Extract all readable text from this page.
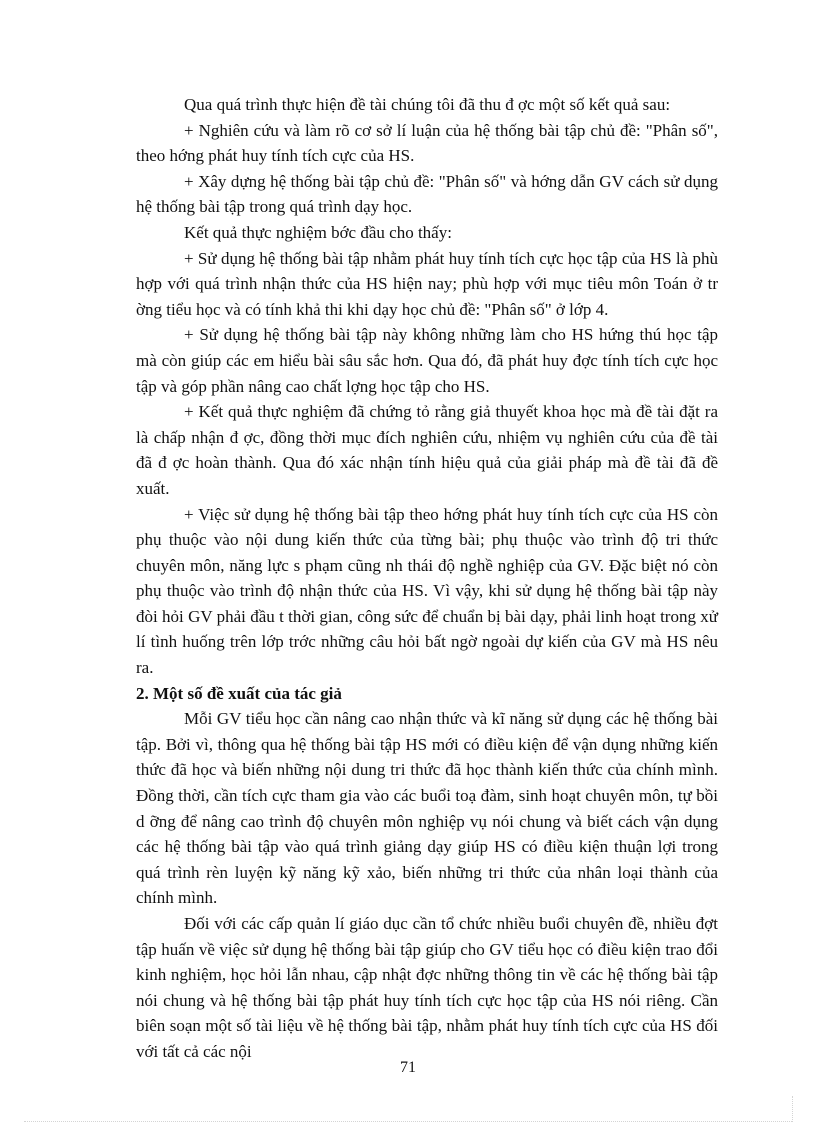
Qua quá trình thực hiện đề tài chúng tôi đã thu đ ợc một số kết quả sau:

+ Nghiên cứu và làm rõ cơ sở lí luận của hệ thống bài tập chủ đề: "Phân số", theo hớng phát huy tính tích cực của HS.

+ Xây dựng hệ thống bài tập chủ đề: "Phân số" và hớng dẫn GV cách sử dụng hệ thống bài tập trong quá trình dạy học.

Kết quả thực nghiệm bớc đầu cho thấy:

+ Sử dụng hệ thống bài tập nhằm phát huy tính tích cực học tập của HS là phù hợp với quá trình nhận thức của HS hiện nay; phù hợp với mục tiêu môn Toán ở tr ờng tiểu học và có tính khả thi khi dạy học chủ đề: "Phân số" ở lớp 4.

+ Sử dụng hệ thống bài tập này không những làm cho HS hứng thú học tập mà còn giúp các em hiểu bài sâu sắc hơn. Qua đó, đã phát huy đợc tính tích cực học tập và góp phần nâng cao chất lợng học tập cho HS.

+ Kết quả thực nghiệm đã chứng tỏ rằng giả thuyết khoa học mà đề tài đặt ra là chấp nhận đ ợc, đồng thời mục đích nghiên cứu, nhiệm vụ nghiên cứu của đề tài đã đ ợc hoàn thành. Qua đó xác nhận tính hiệu quả của giải pháp mà đề tài đã đề xuất.

+ Việc sử dụng hệ thống bài tập theo hớng phát huy tính tích cực của HS còn phụ thuộc vào nội dung kiến thức của từng bài; phụ thuộc vào trình độ tri thức chuyên môn, năng lực s phạm cũng nh thái độ nghề nghiệp của GV. Đặc biệt nó còn phụ thuộc vào trình độ nhận thức của HS. Vì vậy, khi sử dụng hệ thống bài tập này đòi hỏi GV phải đầu t thời gian, công sức để chuẩn bị bài dạy, phải linh hoạt trong xử lí tình huống trên lớp trớc những câu hỏi bất ngờ ngoài dự kiến của GV mà HS nêu ra.

2. Một số đề xuất của tác giả

Mỗi GV tiểu học cần nâng cao nhận thức và kĩ năng sử dụng các hệ thống bài tập. Bởi vì, thông qua hệ thống bài tập HS mới có điều kiện để vận dụng những kiến thức đã học và biến những nội dung tri thức đã học thành kiến thức của chính mình. Đồng thời, cần tích cực tham gia vào các buổi toạ đàm, sinh hoạt chuyên môn, tự bồi d ỡng để nâng cao trình độ chuyên môn nghiệp vụ nói chung và biết cách vận dụng các hệ thống bài tập vào quá trình giảng dạy giúp HS có điều kiện thuận lợi trong quá trình rèn luyện kỹ năng kỹ xảo, biến những tri thức của nhân loại thành của chính mình.

Đối với các cấp quản lí giáo dục cần tổ chức nhiều buổi chuyên đề, nhiều đợt tập huấn về việc sử dụng hệ thống bài tập giúp cho GV tiểu học có điều kiện trao đổi kinh nghiệm, học hỏi lẫn nhau, cập nhật đợc những thông tin về các hệ thống bài tập nói chung và hệ thống bài tập phát huy tính tích cực học tập của HS nói riêng. Cần biên soạn một số tài liệu về hệ thống bài tập, nhằm phát huy tính tích cực của HS đối với tất cả các nội

71
